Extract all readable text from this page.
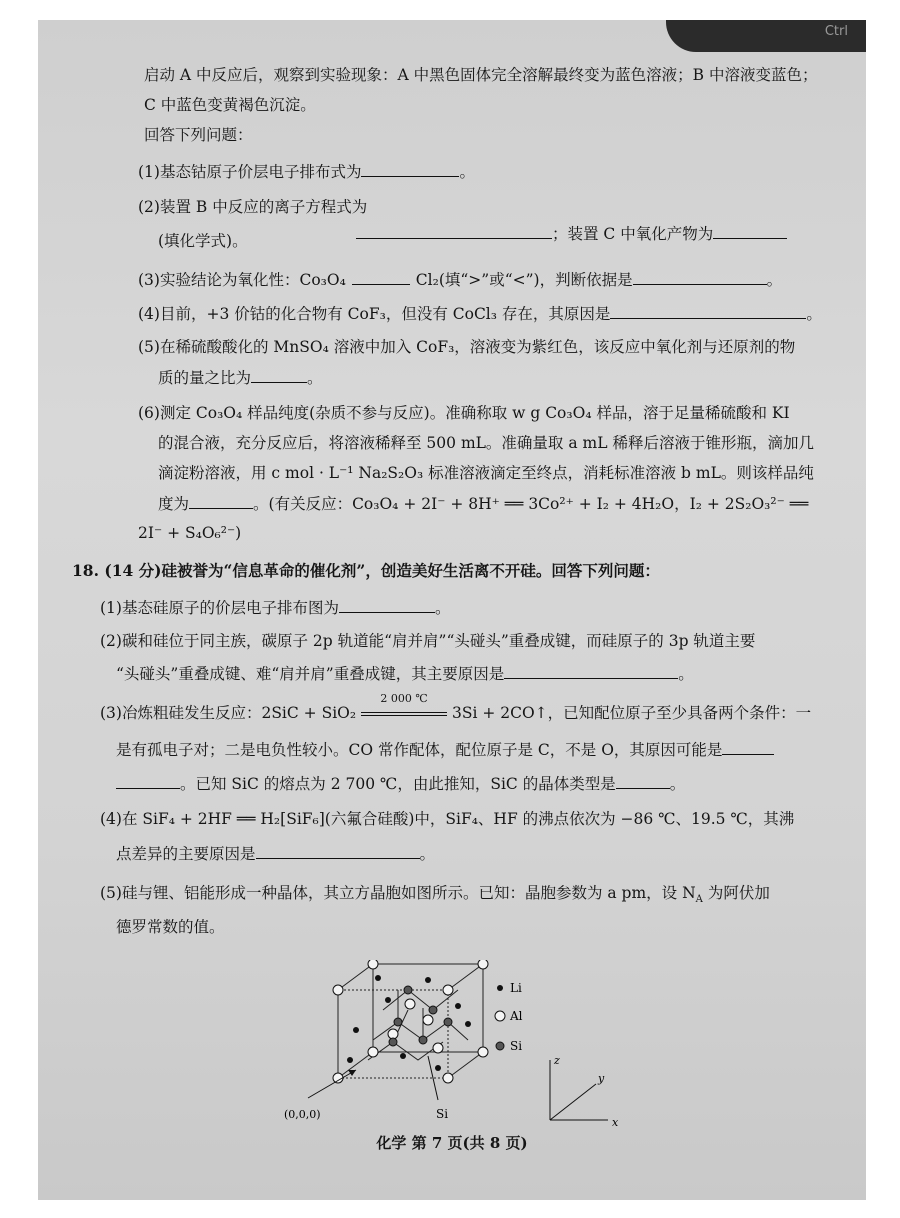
Ctrl
启动 A 中反应后，观察到实验现象：A 中黑色固体完全溶解最终变为蓝色溶液；B 中溶液变蓝色；
C 中蓝色变黄褐色沉淀。
回答下列问题：
(1)基态钴原子价层电子排布式为	。
(2)装置 B 中反应的离子方程式为
；装置 C 中氧化产物为
(填化学式)。
(3)实验结论为氧化性：Co₃O₄	Cl₂(填“>”或“<”)，判断依据是	。
(4)目前，+3 价钴的化合物有 CoF₃，但没有 CoCl₃ 存在，其原因是	。
(5)在稀硫酸酸化的 MnSO₄ 溶液中加入 CoF₃，溶液变为紫红色，该反应中氧化剂与还原剂的物
质的量之比为	。
(6)测定 Co₃O₄ 样品纯度(杂质不参与反应)。准确称取 w g Co₃O₄ 样品，溶于足量稀硫酸和 KI
的混合液，充分反应后，将溶液稀释至 500 mL。准确量取 a mL 稀释后溶液于锥形瓶，滴加几
滴淀粉溶液，用 c mol · L⁻¹ Na₂S₂O₃ 标准溶液滴定至终点，消耗标准溶液 b mL。则该样品纯
度为	。(有关反应：Co₃O₄ + 2I⁻ + 8H⁺ ══ 3Co²⁺ + I₂ + 4H₂O，I₂ + 2S₂O₃²⁻ ══
2I⁻ + S₄O₆²⁻)
18. (14 分)硅被誉为“信息革命的催化剂”，创造美好生活离不开硅。回答下列问题：
(1)基态硅原子的价层电子排布图为	。
(2)碳和硅位于同主族，碳原子 2p 轨道能“肩并肩”“头碰头”重叠成键，而硅原子的 3p 轨道主要
“头碰头”重叠成键、难“肩并肩”重叠成键，其主要原因是	。
(3)冶炼粗硅发生反应：2SiC + SiO₂
2 000 ℃
3Si + 2CO↑，已知配位原子至少具备两个条件：一
是有孤电子对；二是电负性较小。CO 常作配体，配位原子是 C，不是 O，其原因可能是
。已知 SiC 的熔点为 2 700 ℃，由此推知，SiC 的晶体类型是	。
(4)在 SiF₄ + 2HF ══ H₂[SiF₆](六氟合硅酸)中，SiF₄、HF 的沸点依次为 −86 ℃、19.5 ℃，其沸
点差异的主要原因是	。
(5)硅与锂、铝能形成一种晶体，其立方晶胞如图所示。已知：晶胞参数为 a pm，设 $N_A$ 为阿伏加
德罗常数的值。
(0,0,0)	Si
Li
Al
Si
z
y
x
化学 第 7 页(共 8 页)
